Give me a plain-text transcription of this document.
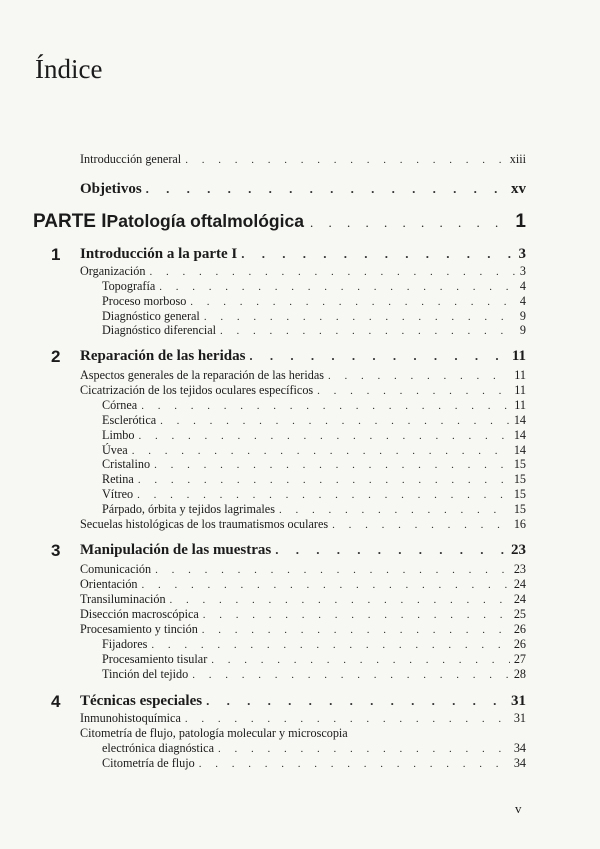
Índice
Introducción general . . .	xiii
Objetivos . . .	xv
PARTE I Patología oftalmológica . . .	1
1 Introducción a la parte I . . .	3
Organización . . .	3
Topografía . . .	4
Proceso morboso . . .	4
Diagnóstico general . . .	9
Diagnóstico diferencial . . .	9
2 Reparación de las heridas . . .	11
Aspectos generales de la reparación de las heridas . . .	11
Cicatrización de los tejidos oculares específicos . . .	11
Córnea . . .	11
Esclerótica . . .	14
Limbo . . .	14
Úvea . . .	14
Cristalino . . .	15
Retina . . .	15
Vítreo . . .	15
Párpado, órbita y tejidos lagrimales . . .	15
Secuelas histológicas de los traumatismos oculares . . .	16
3 Manipulación de las muestras . . .	23
Comunicación . . .	23
Orientación . . .	24
Transiluminación . . .	24
Disección macroscópica . . .	25
Procesamiento y tinción . . .	26
Fijadores . . .	26
Procesamiento tisular . . .	27
Tinción del tejido . . .	28
4 Técnicas especiales . . .	31
Inmunohistoquímica . . .	31
Citometría de flujo, patología molecular y microscopia
electrónica diagnóstica . . .	34
Citometría de flujo . . .	34
v
